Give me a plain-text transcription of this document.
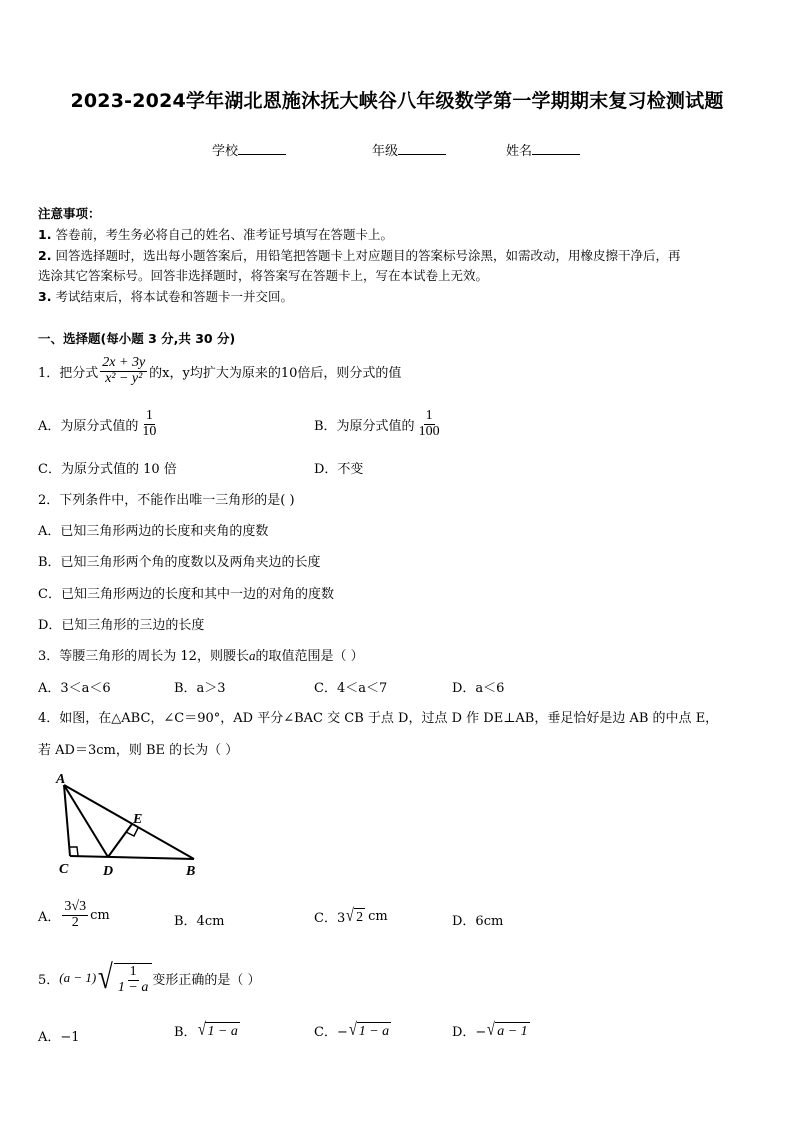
2023-2024学年湖北恩施沐抚大峡谷八年级数学第一学期期末复习检测试题
学校	年级	姓名
注意事项：
1. 答卷前，考生务必将自己的姓名、准考证号填写在答题卡上。
2. 回答选择题时，选出每小题答案后，用铅笔把答题卡上对应题目的答案标号涂黑，如需改动，用橡皮擦干净后，再
选涂其它答案标号。回答非选择题时，将答案写在答题卡上，写在本试卷上无效。
3. 考试结束后，将本试卷和答题卡一并交回。
一、选择题(每小题 3 分,共 30 分)
1．把分式 $\frac{2x + 3y}{\text{x² − y²}}$ 的x，y均扩大为原来的10倍后，则分式的值
A．为原分式值的 $\frac{1}{10}$	B．为原分式值的 $\frac{1}{100}$
C．为原分式值的 10 倍	D．不变
2．下列条件中，不能作出唯一三角形的是( )
A．已知三角形两边的长度和夹角的度数
B．已知三角形两个角的度数以及两角夹边的长度
C．已知三角形两边的长度和其中一边的对角的度数
D．已知三角形的三边的长度
3．等腰三角形的周长为 12，则腰长a的取值范围是（ ）
A．3＜a＜6	B．a＞3	C．4＜a＜7	D．a＜6
4．如图，在△ABC，∠C＝90°，AD 平分∠BAC 交 CB 于点 D，过点 D 作 DE⊥AB，垂足恰好是边 AB 的中点 E，
若 AD＝3cm，则 BE 的长为（ ）
A
C D
E
B
A． $\frac{3√3}{2}$ cm	B．4cm	C．3 √ 2 cm	D．6cm
5． (a − 1) √ $\frac{1}{1 - a}$ 变形正确的是（ ）
A．−1	B． √ 1 − a	C．− √ 1 − a	D．− √ a − 1
